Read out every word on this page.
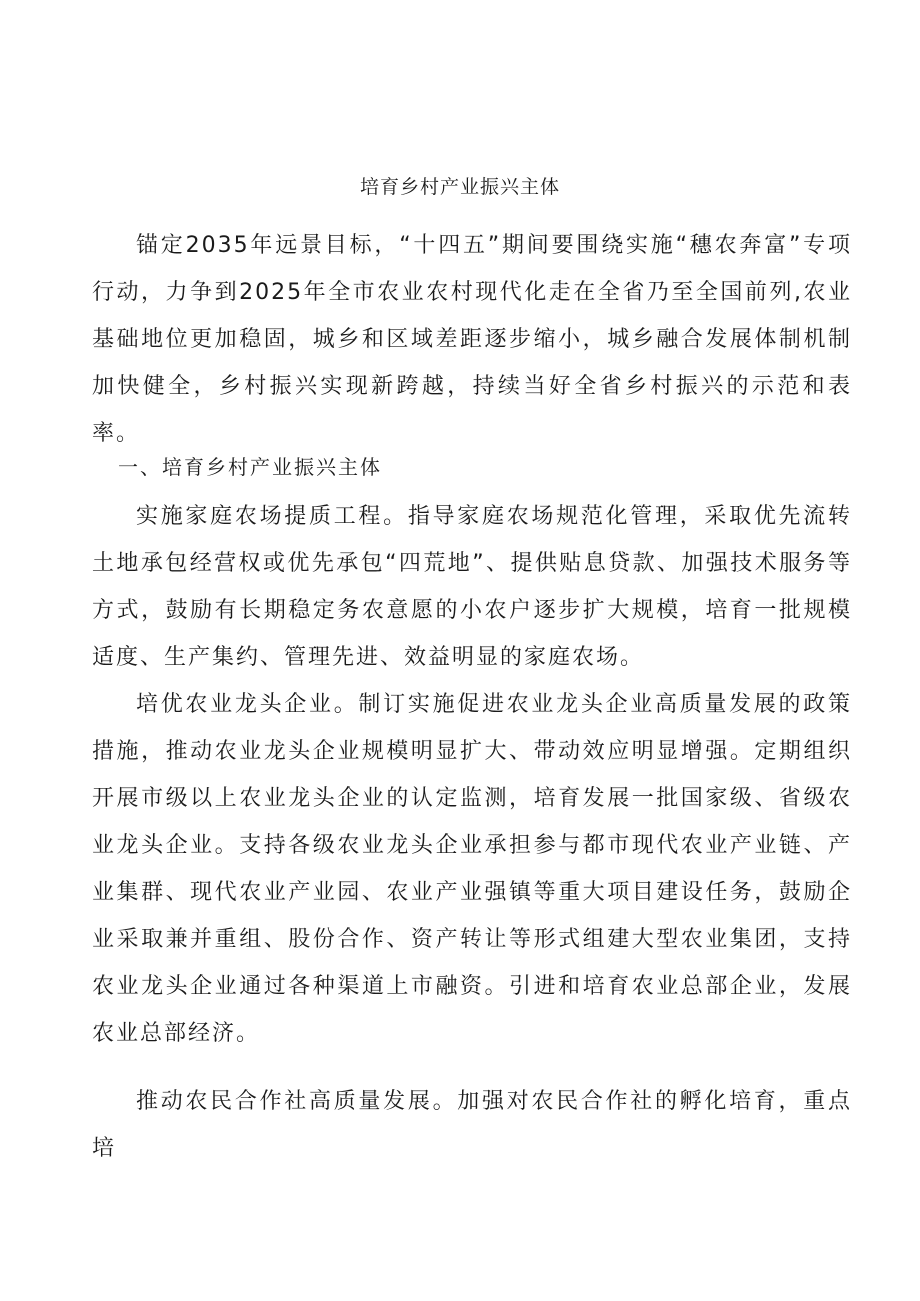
培育乡村产业振兴主体

锚定2035年远景目标，“十四五”期间要围绕实施“穗农奔富”专项行动，力争到2025年全市农业农村现代化走在全省乃至全国前列,农业基础地位更加稳固，城乡和区域差距逐步缩小，城乡融合发展体制机制加快健全，乡村振兴实现新跨越，持续当好全省乡村振兴的示范和表率。

一、培育乡村产业振兴主体

实施家庭农场提质工程。指导家庭农场规范化管理，采取优先流转土地承包经营权或优先承包“四荒地”、提供贴息贷款、加强技术服务等方式，鼓励有长期稳定务农意愿的小农户逐步扩大规模，培育一批规模适度、生产集约、管理先进、效益明显的家庭农场。

培优农业龙头企业。制订实施促进农业龙头企业高质量发展的政策措施，推动农业龙头企业规模明显扩大、带动效应明显增强。定期组织开展市级以上农业龙头企业的认定监测，培育发展一批国家级、省级农业龙头企业。支持各级农业龙头企业承担参与都市现代农业产业链、产业集群、现代农业产业园、农业产业强镇等重大项目建设任务，鼓励企业采取兼并重组、股份合作、资产转让等形式组建大型农业集团，支持农业龙头企业通过各种渠道上市融资。引进和培育农业总部企业，发展农业总部经济。

推动农民合作社高质量发展。加强对农民合作社的孵化培育，重点培
